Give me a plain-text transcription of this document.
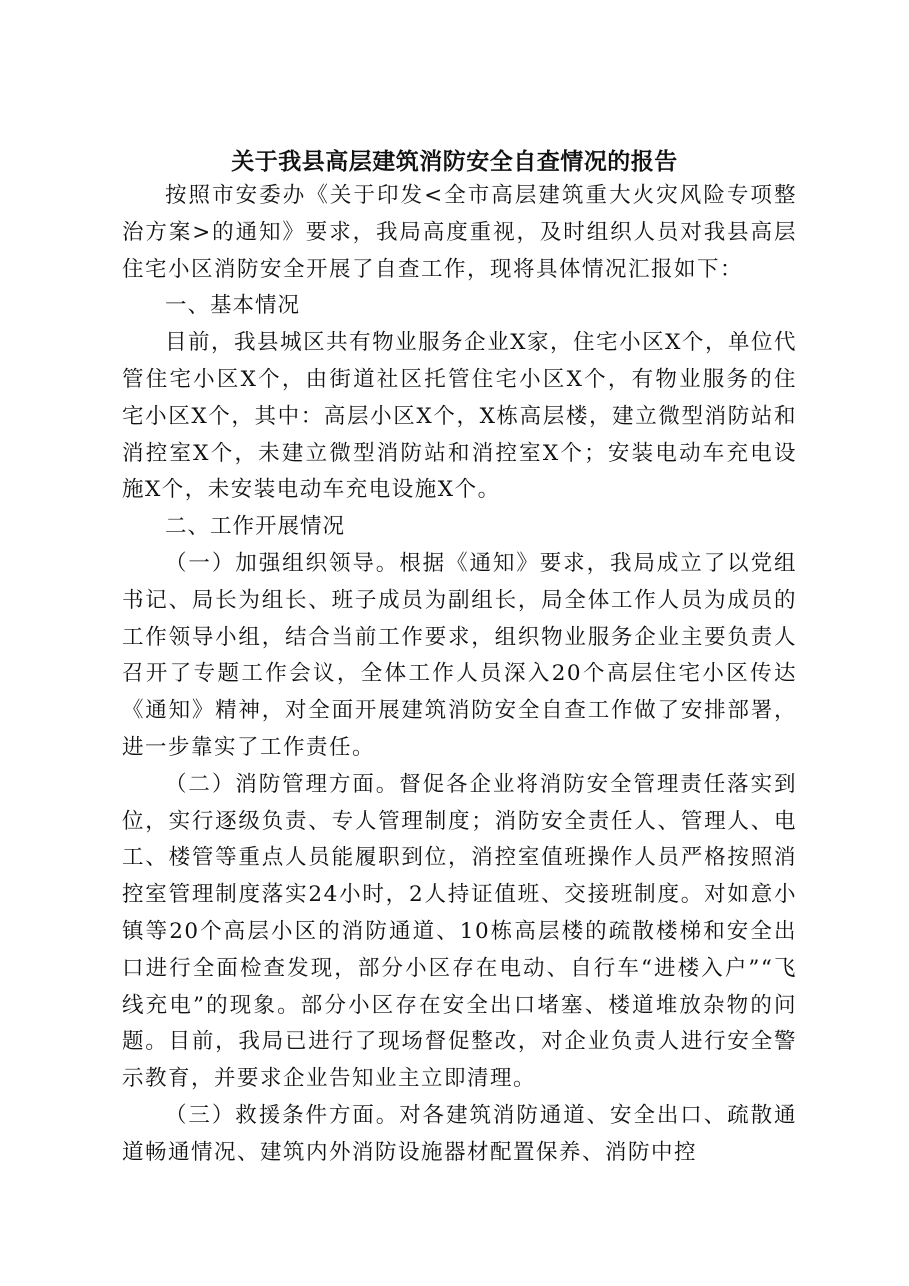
关于我县高层建筑消防安全自查情况的报告

按照市安委办《关于印发<全市高层建筑重大火灾风险专项整治方案>的通知》要求，我局高度重视，及时组织人员对我县高层住宅小区消防安全开展了自查工作，现将具体情况汇报如下：

一、基本情况

目前，我县城区共有物业服务企业X家，住宅小区X个，单位代管住宅小区X个，由街道社区托管住宅小区X个，有物业服务的住宅小区X个，其中：高层小区X个，X栋高层楼，建立微型消防站和消控室X个，未建立微型消防站和消控室X个；安装电动车充电设施X个，未安装电动车充电设施X个。

二、工作开展情况

（一）加强组织领导。根据《通知》要求，我局成立了以党组书记、局长为组长、班子成员为副组长，局全体工作人员为成员的工作领导小组，结合当前工作要求，组织物业服务企业主要负责人召开了专题工作会议，全体工作人员深入20个高层住宅小区传达《通知》精神，对全面开展建筑消防安全自查工作做了安排部署，进一步靠实了工作责任。

（二）消防管理方面。督促各企业将消防安全管理责任落实到位，实行逐级负责、专人管理制度；消防安全责任人、管理人、电工、楼管等重点人员能履职到位，消控室值班操作人员严格按照消控室管理制度落实24小时，2人持证值班、交接班制度。对如意小镇等20个高层小区的消防通道、10栋高层楼的疏散楼梯和安全出口进行全面检查发现，部分小区存在电动、自行车“进楼入户”“飞线充电”的现象。部分小区存在安全出口堵塞、楼道堆放杂物的问题。目前，我局已进行了现场督促整改，对企业负责人进行安全警示教育，并要求企业告知业主立即清理。

（三）救援条件方面。对各建筑消防通道、安全出口、疏散通道畅通情况、建筑内外消防设施器材配置保养、消防中控
